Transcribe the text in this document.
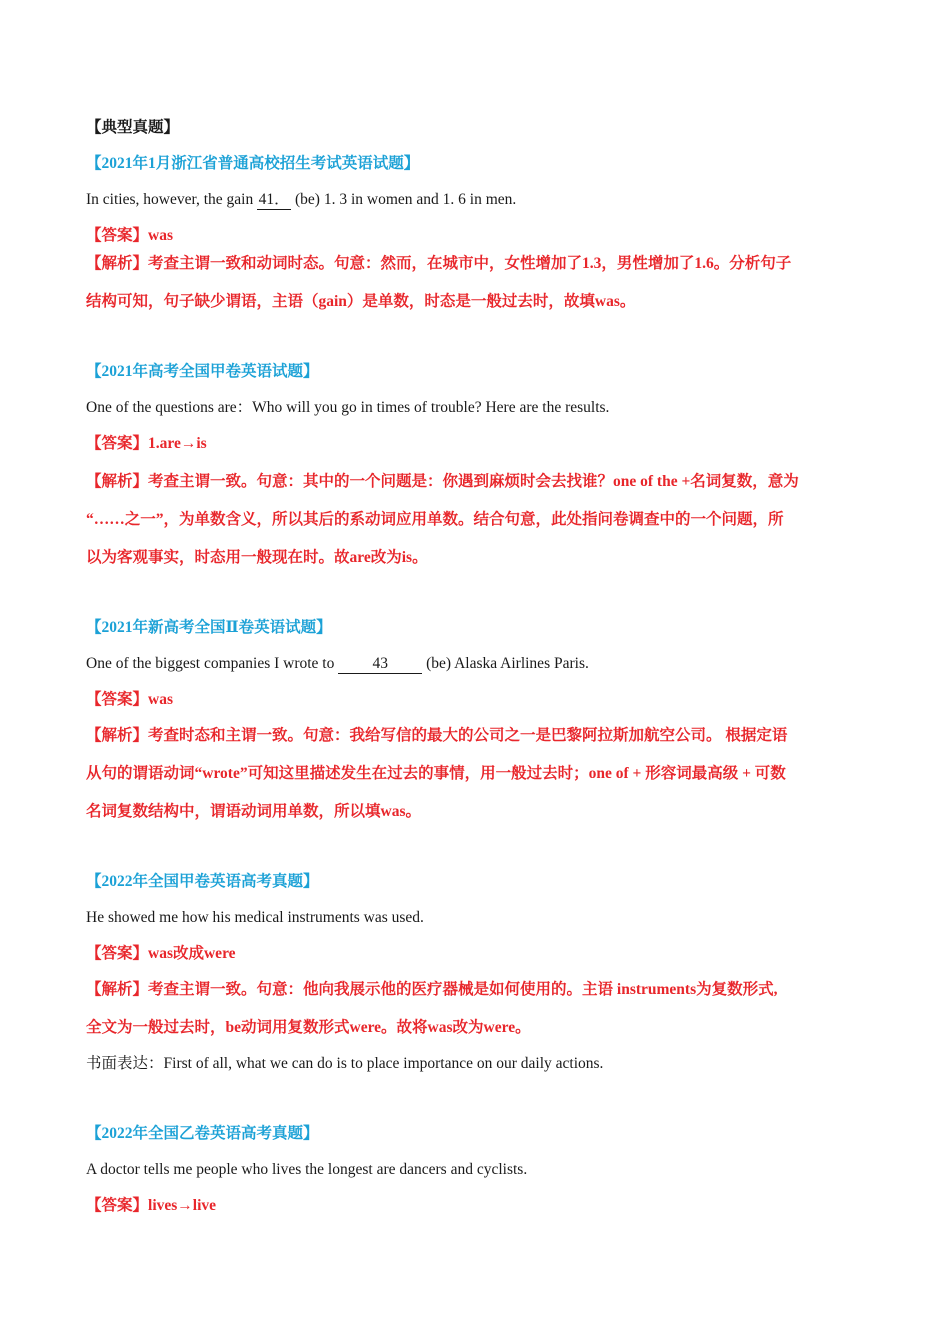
【典型真题】

【2021年1月浙江省普通高校招生考试英语试题】

In cities, however, the gain 41． (be) 1. 3 in women and 1. 6 in men.

【答案】was

【解析】考查主谓一致和动词时态。句意：然而，在城市中，女性增加了1.3，男性增加了1.6。分析句子

结构可知，句子缺少谓语，主语（gain）是单数，时态是一般过去时，故填was。

【2021年高考全国甲卷英语试题】

One of the questions are：Who will you go in times of trouble? Here are the results.

【答案】1.are→is

【解析】考查主谓一致。句意：其中的一个问题是：你遇到麻烦时会去找谁？one of the +名词复数，意为

“……之一”，为单数含义，所以其后的系动词应用单数。结合句意，此处指问卷调查中的一个问题，所

以为客观事实，时态用一般现在时。故are改为is。

【2021年新高考全国Ⅱ卷英语试题】

One of the biggest companies I wrote to 43 (be) Alaska Airlines Paris.

【答案】was

【解析】考查时态和主谓一致。句意：我给写信的最大的公司之一是巴黎阿拉斯加航空公司。 根据定语

从句的谓语动词“wrote”可知这里描述发生在过去的事情，用一般过去时；one of + 形容词最高级 + 可数

名词复数结构中，谓语动词用单数，所以填was。

【2022年全国甲卷英语高考真题】

He showed me how his medical instruments was used.

【答案】was改成were

【解析】考查主谓一致。句意：他向我展示他的医疗器械是如何使用的。主语 instruments为复数形式,

全文为一般过去时，be动词用复数形式were。故将was改为were。

书面表达：First of all, what we can do is to place importance on our daily actions.

【2022年全国乙卷英语高考真题】

A doctor tells me people who lives the longest are dancers and cyclists.

【答案】lives→live
